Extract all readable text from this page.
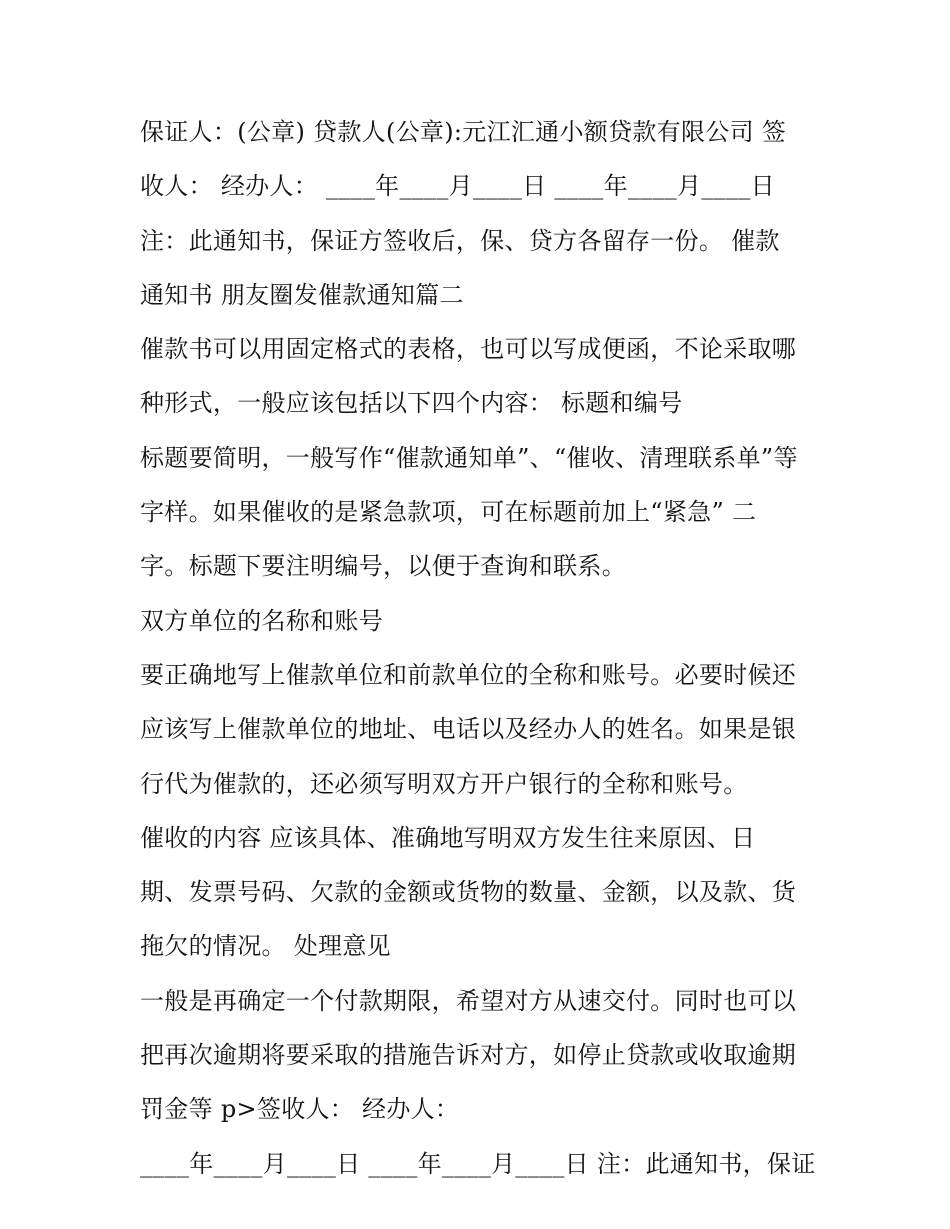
保证人：(公章) 贷款人(公章):元江汇通小额贷款有限公司 签
收人： 经办人： ____年____月____日 ____年____月____日
注：此通知书，保证方签收后，保、贷方各留存一份。 催款
通知书 朋友圈发催款通知篇二
催款书可以用固定格式的表格，也可以写成便函，不论采取哪
种形式，一般应该包括以下四个内容： 标题和编号
标题要简明，一般写作“催款通知单”、“催收、清理联系单”等
字样。如果催收的是紧急款项，可在标题前加上“紧急” 二
字。标题下要注明编号，以便于查询和联系。
双方单位的名称和账号
要正确地写上催款单位和前款单位的全称和账号。必要时候还
应该写上催款单位的地址、电话以及经办人的姓名。如果是银
行代为催款的，还必须写明双方开户银行的全称和账号。
催收的内容 应该具体、准确地写明双方发生往来原因、日
期、发票号码、欠款的金额或货物的数量、金额，以及款、货
拖欠的情况。 处理意见
一般是再确定一个付款期限，希望对方从速交付。同时也可以
把再次逾期将要采取的措施告诉对方，如停止贷款或收取逾期
罚金等 p>签收人： 经办人：
____年____月____日 ____年____月____日 注：此通知书，保证
